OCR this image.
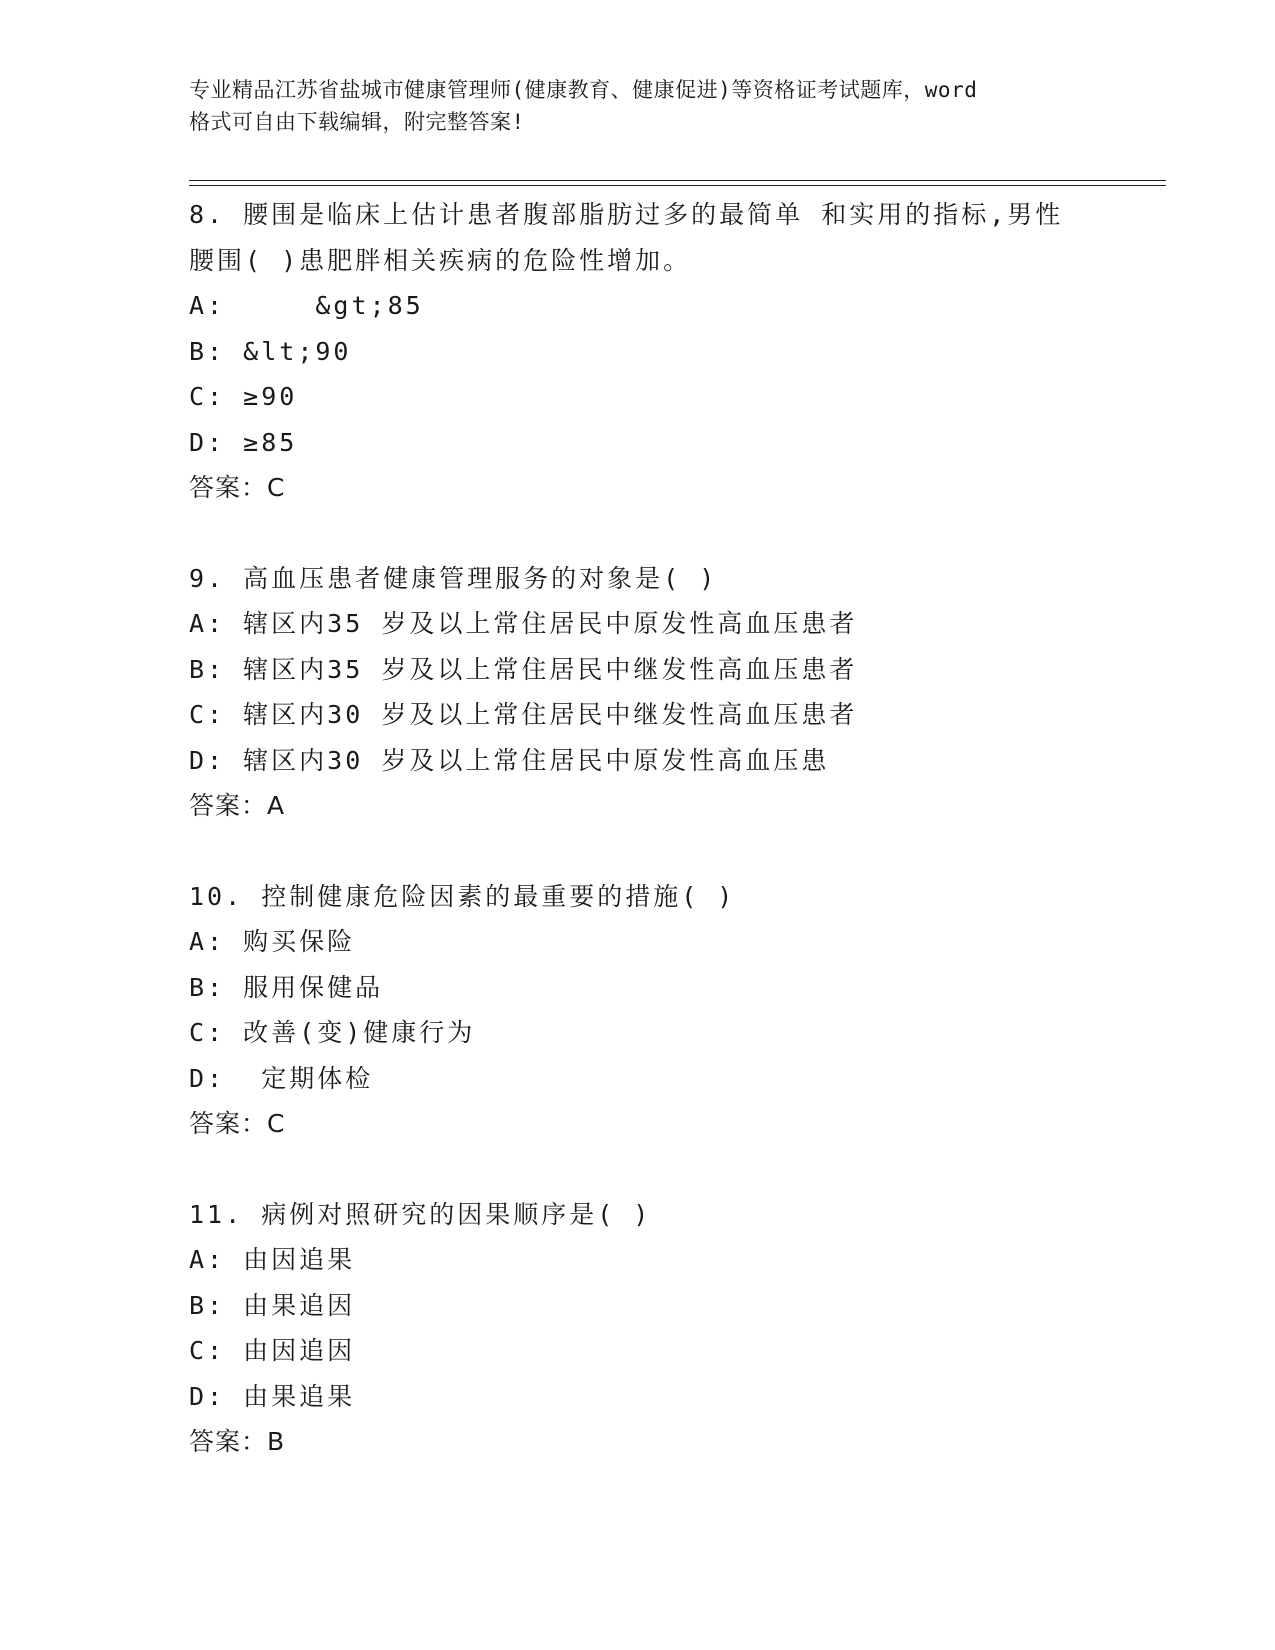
专业精品江苏省盐城市健康管理师(健康教育、健康促进)等资格证考试题库，word
格式可自由下载编辑，附完整答案!
8. 腰围是临床上估计患者腹部脂肪过多的最简单 和实用的指标,男性
腰围( )患肥胖相关疾病的危险性增加。
A:     &gt;85
B: &lt;90
C: ≥90
D: ≥85
答案：C
9. 高血压患者健康管理服务的对象是( )
A: 辖区内35 岁及以上常住居民中原发性高血压患者
B: 辖区内35 岁及以上常住居民中继发性高血压患者
C: 辖区内30 岁及以上常住居民中继发性高血压患者
D: 辖区内30 岁及以上常住居民中原发性高血压患
答案：A
10. 控制健康危险因素的最重要的措施( )
A: 购买保险
B: 服用保健品
C: 改善(变)健康行为
D:  定期体检
答案：C
11. 病例对照研究的因果顺序是( )
A: 由因追果
B: 由果追因
C: 由因追因
D: 由果追果
答案：B
